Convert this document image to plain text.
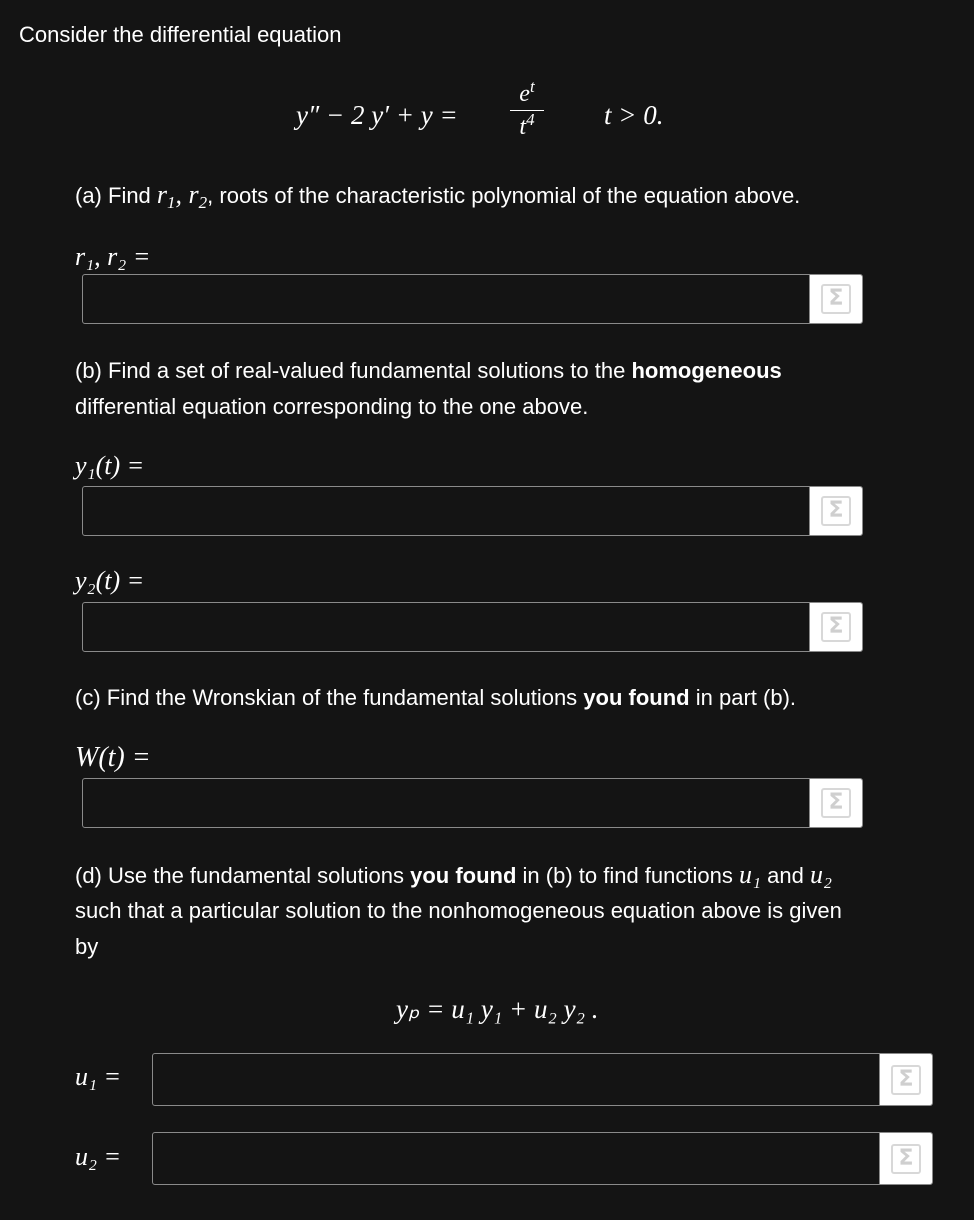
Consider the differential equation
y″ − 2 y′ + y =
$e^t$
$t^4$	t > 0.
(a) Find $r_1$, $r_2$, roots of the characteristic polynomial of the equation above.
r₁, r₂ =
Σ
(b) Find a set of real-valued fundamental solutions to the homogeneous
differential equation corresponding to the one above.
y₁(t) =
Σ
y₂(t) =
Σ
(c) Find the Wronskian of the fundamental solutions you found in part (b).
W(t) =
Σ
(d) Use the fundamental solutions you found in (b) to find functions u₁ and u₂
such that a particular solution to the nonhomogeneous equation above is given
by
yₚ = u₁ y₁ + u₂ y₂ .
u₁ =	Σ
u₂ =	Σ
